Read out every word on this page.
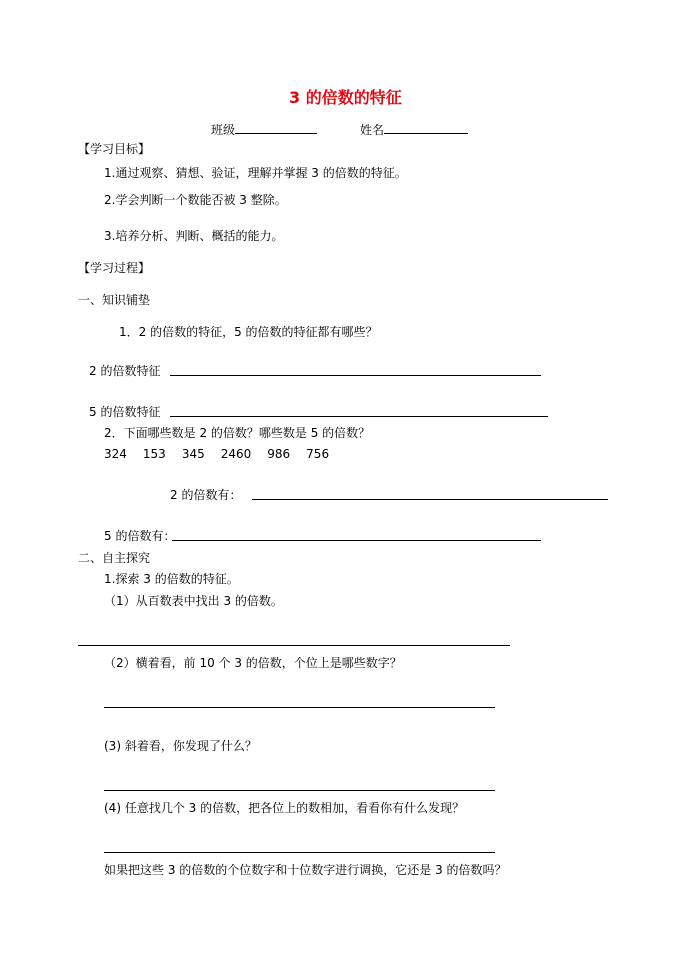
3 的倍数的特征
班级	姓名
【学习目标】
1.通过观察、猜想、验证，理解并掌握 3 的倍数的特征。
2.学会判断一个数能否被 3 整除。
3.培养分析、判断、概括的能力。
【学习过程】
一、知识铺垫
1．2 的倍数的特征，5 的倍数的特征都有哪些？
2 的倍数特征
5 的倍数特征
2．下面哪些数是 2 的倍数？哪些数是 5 的倍数？
324 153 345 2460 986 756
2 的倍数有：
5 的倍数有：
二、自主探究
1.探索 3 的倍数的特征。
（1）从百数表中找出 3 的倍数。
（2）横着看，前 10 个 3 的倍数，个位上是哪些数字？
(3) 斜着看，你发现了什么？
(4) 任意找几个 3 的倍数，把各位上的数相加，看看你有什么发现？
如果把这些 3 的倍数的个位数字和十位数字进行调换，它还是 3 的倍数吗？
